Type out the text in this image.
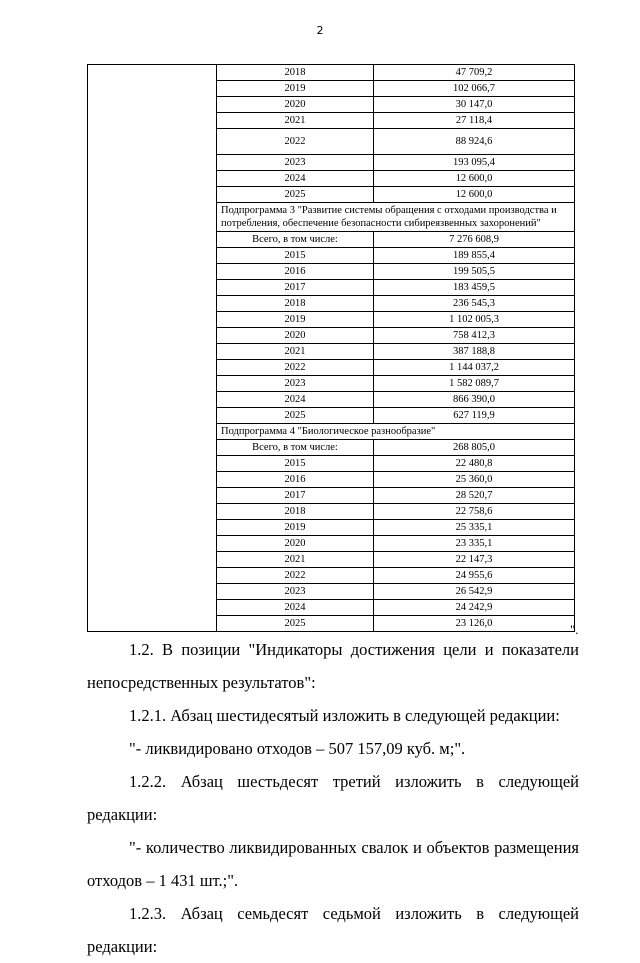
2
	2018	47 709,2
	2019	102 066,7
	2020	30 147,0
	2021	27 118,4
	2022	88 924,6
	2023	193 095,4
	2024	12 600,0
	2025	12 600,0
	Подпрограмма 3 "Развитие системы обращения с отходами производства и потребления, обеспечение безопасности сибиреязвенных захоронений"	
	Всего, в том числе:	7 276 608,9
	2015	189 855,4
	2016	199 505,5
	2017	183 459,5
	2018	236 545,3
	2019	1 102 005,3
	2020	758 412,3
	2021	387 188,8
	2022	1 144 037,2
	2023	1 582 089,7
	2024	866 390,0
	2025	627 119,9
	Подпрограмма 4 "Биологическое разнообразие"	
	Всего, в том числе:	268 805,0
	2015	22 480,8
	2016	25 360,0
	2017	28 520,7
	2018	22 758,6
	2019	25 335,1
	2020	23 335,1
	2021	22 147,3
	2022	24 955,6
	2023	26 542,9
	2024	24 242,9
	2025	23 126,0	".

1.2. В позиции "Индикаторы достижения цели и показатели непосредственных результатов":

1.2.1. Абзац шестидесятый изложить в следующей редакции:

"- ликвидировано отходов – 507 157,09 куб. м;".

1.2.2. Абзац шестьдесят третий изложить в следующей редакции:

"- количество ликвидированных свалок и объектов размещения отходов – 1 431 шт.;".

1.2.3. Абзац семьдесят седьмой изложить в следующей редакции:
